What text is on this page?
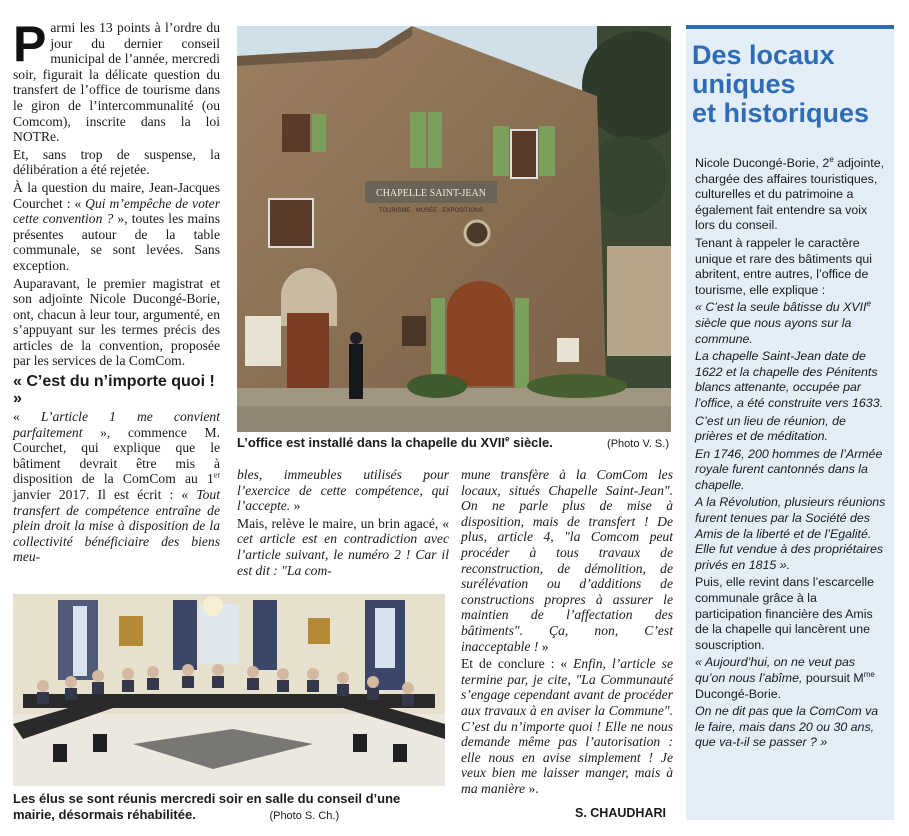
Parmi les 13 points à l’ordre du jour du dernier conseil municipal de l’année, mercredi soir, figurait la délicate question du transfert de l’office de tourisme dans le giron de l’intercommunalité (ou Comcom), inscrite dans la loi NOTRe.

Et, sans trop de suspense, la délibération a été rejetée.

À la question du maire, Jean-Jacques Courchet : « Qui m’empêche de voter cette convention ? », toutes les mains présentes autour de la table communale, se sont levées. Sans exception.

Auparavant, le premier magistrat et son adjointe Nicole Ducongé-Borie, ont, chacun à leur tour, argumenté, en s’appuyant sur les termes précis des articles de la convention, proposée par les services de la ComCom.

« C’est du n’importe quoi ! »

« L’article 1 me convient parfaitement », commence M. Courchet, qui explique que le bâtiment devrait être mis à disposition de la ComCom au 1er janvier 2017. Il est écrit : « Tout transfert de compétence entraîne de plein droit la mise à disposition de la collectivité bénéficiaire des biens meu-

CHAPELLE SAINT-JEAN
TOURISME · MUSÉE · EXPOSITIONS
L’office est installé dans la chapelle du XVIIe siècle.	(Photo V. S.)

bles, immeubles utilisés pour l’exercice de cette compétence, qui l’accepte. »

Mais, relève le maire, un brin agacé, « cet article est en contradiction avec l’article suivant, le numéro 2 ! Car il est dit : "La com-

mune transfère à la ComCom les locaux, situés Chapelle Saint-Jean". On ne parle plus de mise à disposition, mais de transfert ! De plus, article 4, "la Comcom peut procéder à tous travaux de reconstruction, de démolition, de surélévation ou d’additions de constructions propres à assurer le maintien de l’affectation des bâtiments". Ça, non, C’est inacceptable ! »

Et de conclure : « Enfin, l’article se termine par, je cite, "La Communauté s’engage cependant avant de procéder aux travaux à en aviser la Commune". C’est du n’importe quoi ! Elle ne nous demande même pas l’autorisation : elle nous en avise simplement ! Je veux bien me laisser manger, mais à ma manière ».

Les élus se sont réunis mercredi soir en salle du conseil d’une mairie, désormais réhabilitée.	(Photo S. Ch.)	S. CHAUDHARI
Des locaux
uniques
et historiques

Nicole Ducongé-Borie, 2e adjointe, chargée des affaires touristiques, culturelles et du patrimoine a également fait entendre sa voix lors du conseil.

Tenant à rappeler le caractère unique et rare des bâtiments qui abritent, entre autres, l’office de tourisme, elle explique :

« C’est la seule bâtisse du XVIIe siècle que nous ayons sur la commune.

La chapelle Saint-Jean date de 1622 et la chapelle des Pénitents blancs attenante, occupée par l’office, a été construite vers 1633.

C’est un lieu de réunion, de prières et de méditation.

En 1746, 200 hommes de l’Armée royale furent cantonnés dans la chapelle.

A la Révolution, plusieurs réunions furent tenues par la Société des Amis de la liberté et de l’Egalité. Elle fut vendue à des propriétaires privés en 1815 ».

Puis, elle revint dans l’escarcelle communale grâce à la participation financière des Amis de la chapelle qui lancèrent une souscription.

« Aujourd’hui, on ne veut pas qu’on nous l’abîme, poursuit $M^{me}$ Ducongé-Borie.

On ne dit pas que la ComCom va le faire, mais dans 20 ou 30 ans, que va-t-il se passer ? »
